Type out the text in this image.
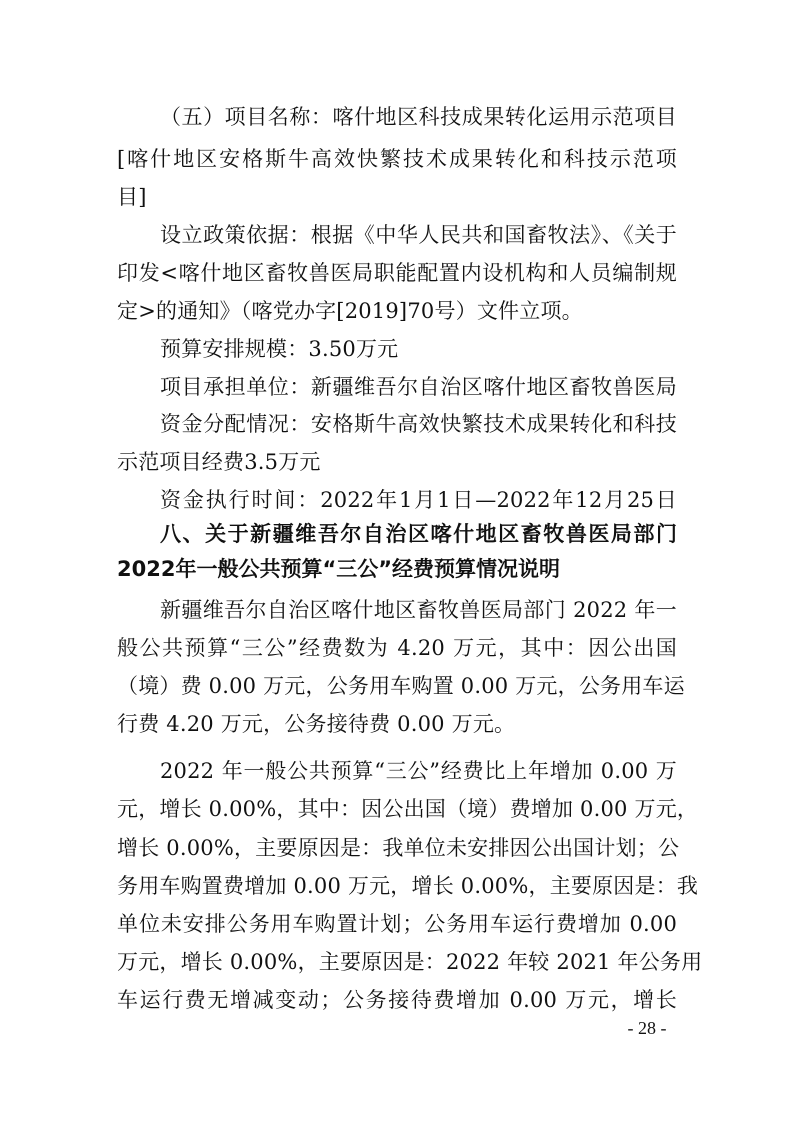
（五）项目名称：喀什地区科技成果转化运用示范项目
[喀什地区安格斯牛高效快繁技术成果转化和科技示范项
目]
设立政策依据：根据《中华人民共和国畜牧法》、《关于
印发<喀什地区畜牧兽医局职能配置内设机构和人员编制规
定>的通知》（喀党办字[2019]70号）文件立项。
预算安排规模：3.50万元
项目承担单位：新疆维吾尔自治区喀什地区畜牧兽医局
资金分配情况：安格斯牛高效快繁技术成果转化和科技
示范项目经费3.5万元
资金执行时间：2022年1月1日—2022年12月25日
八、关于新疆维吾尔自治区喀什地区畜牧兽医局部门
2022年一般公共预算“三公”经费预算情况说明
新疆维吾尔自治区喀什地区畜牧兽医局部门 2022 年一
般公共预算“三公”经费数为 4.20 万元，其中：因公出国
（境）费 0.00 万元，公务用车购置 0.00 万元，公务用车运
行费 4.20 万元，公务接待费 0.00 万元。
2022 年一般公共预算“三公”经费比上年增加 0.00 万
元，增长 0.00%，其中：因公出国（境）费增加 0.00 万元，
增长 0.00%，主要原因是：我单位未安排因公出国计划；公
务用车购置费增加 0.00 万元，增长 0.00%，主要原因是：我
单位未安排公务用车购置计划；公务用车运行费增加 0.00
万元，增长 0.00%，主要原因是：2022 年较 2021 年公务用
车运行费无增减变动；公务接待费增加 0.00 万元，增长
- 28 -
